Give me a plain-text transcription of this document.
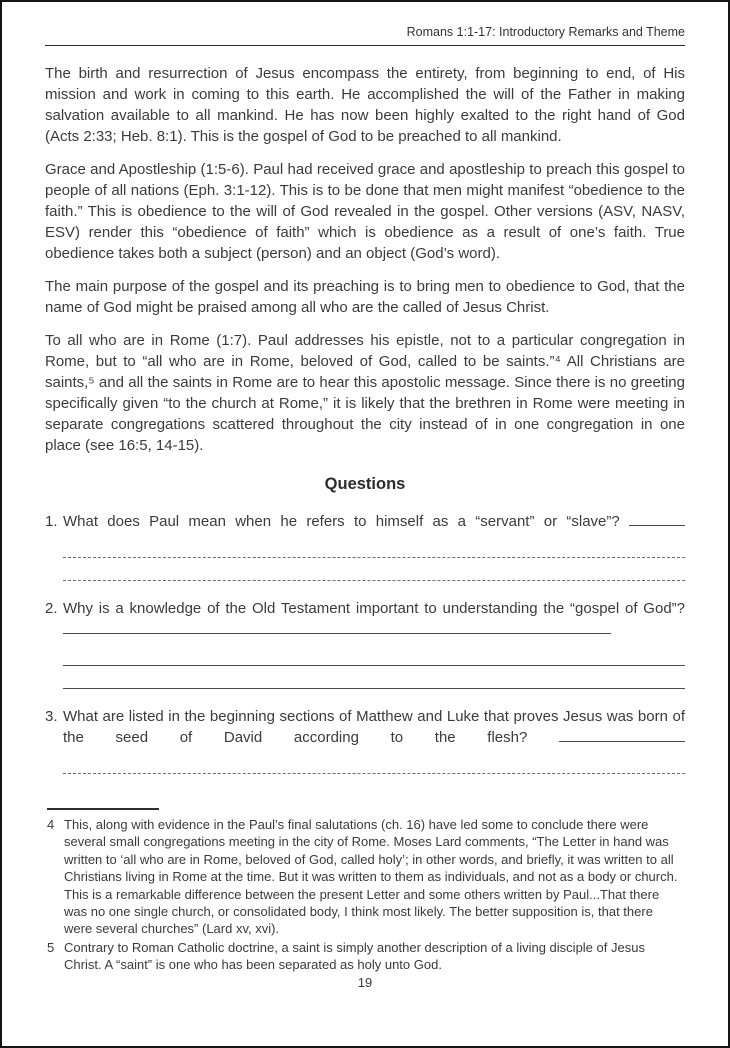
Romans 1:1-17: Introductory Remarks and Theme

The birth and resurrection of Jesus encompass the entirety, from beginning to end, of His mission and work in coming to this earth. He accomplished the will of the Father in making salvation available to all mankind. He has now been highly exalted to the right hand of God (Acts 2:33; Heb. 8:1). This is the gospel of God to be preached to all mankind.

Grace and Apostleship (1:5-6). Paul had received grace and apostleship to preach this gospel to people of all nations (Eph. 3:1-12). This is to be done that men might manifest “obedience to the faith.” This is obedience to the will of God revealed in the gospel. Other versions (ASV, NASV, ESV) render this “obedience of faith” which is obedience as a result of one’s faith. True obedience takes both a subject (person) and an object (God’s word).

The main purpose of the gospel and its preaching is to bring men to obedience to God, that the name of God might be praised among all who are the called of Jesus Christ.

To all who are in Rome (1:7). Paul addresses his epistle, not to a particular congregation in Rome, but to “all who are in Rome, beloved of God, called to be saints.”⁴ All Christians are saints,⁵ and all the saints in Rome are to hear this apostolic message. Since there is no greeting specifically given “to the church at Rome,” it is likely that the brethren in Rome were meeting in separate congregations scattered throughout the city instead of in one congregation in one place (see 16:5, 14-15).

Questions
1. What does Paul mean when he refers to himself as a “servant” or “slave”?
2. Why is a knowledge of the Old Testament important to understanding the “gospel of God”?
3. What are listed in the beginning sections of Matthew and Luke that proves Jesus was born of the seed of David according to the flesh?
4 This, along with evidence in the Paul’s final salutations (ch. 16) have led some to conclude there were several small congregations meeting in the city of Rome. Moses Lard comments, “The Letter in hand was written to ‘all who are in Rome, beloved of God, called holy’; in other words, and briefly, it was written to all Christians living in Rome at the time. But it was written to them as individuals, and not as a body or church. This is a remarkable difference between the present Letter and some others written by Paul...That there was no one single church, or consolidated body, I think most likely. The better supposition is, that there were several churches” (Lard xv, xvi).
5 Contrary to Roman Catholic doctrine, a saint is simply another description of a living disciple of Jesus Christ. A “saint” is one who has been separated as holy unto God.
19
